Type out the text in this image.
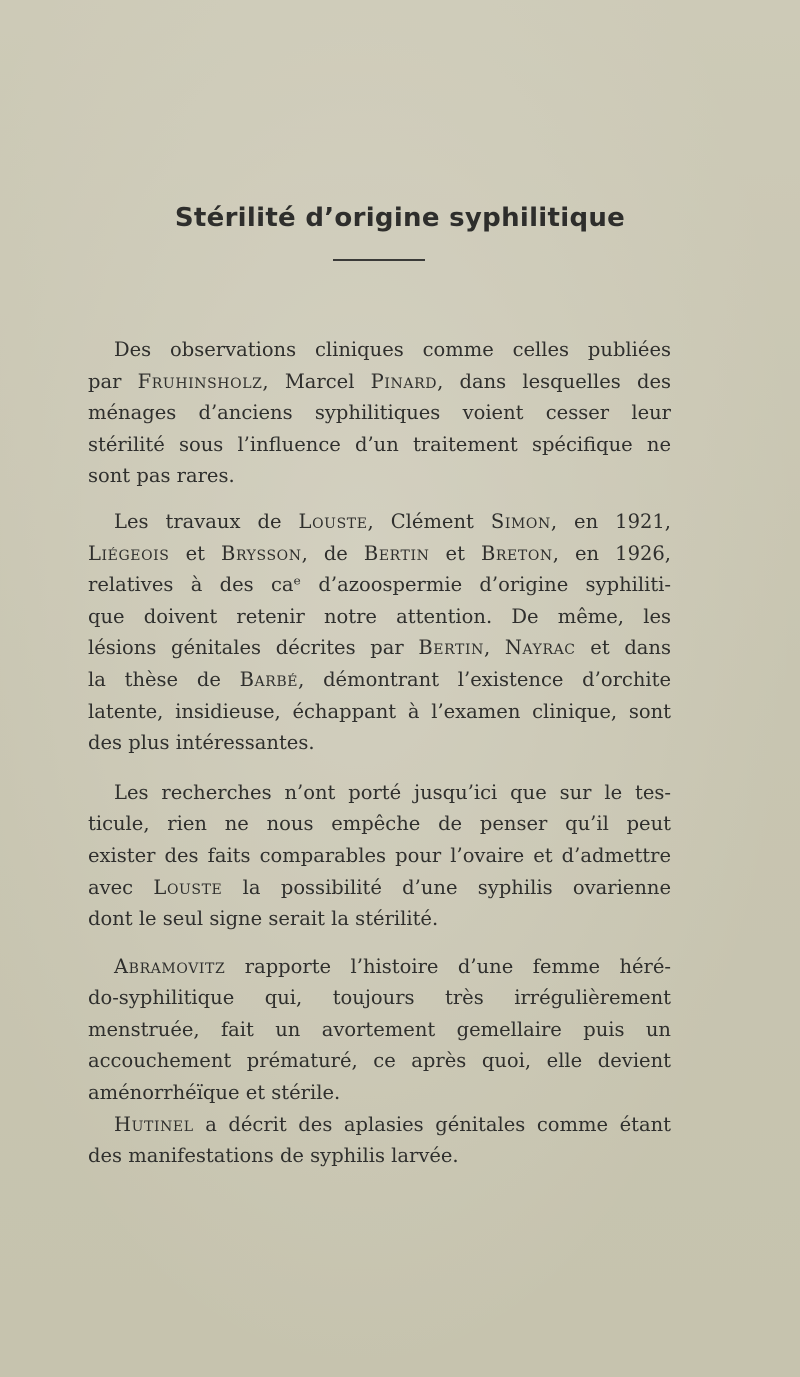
Stérilité d’origine syphilitique

Des observations cliniques comme celles publiées
par Fruhinsholz, Marcel Pinard, dans lesquelles des
ménages d’anciens syphilitiques voient cesser leur
stérilité sous l’influence d’un traitement spécifique ne
sont pas rares.

Les travaux de Louste, Clément Simon, en 1921,
Liégeois et Brysson, de Bertin et Breton, en 1926,
relatives à des caᵉ d’azoospermie d’origine syphiliti-
que doivent retenir notre attention. De même, les
lésions génitales décrites par Bertin, Nayrac et dans
la thèse de Barbé, démontrant l’existence d’orchite
latente, insidieuse, échappant à l’examen clinique, sont
des plus intéressantes.

Les recherches n’ont porté jusqu’ici que sur le tes-
ticule, rien ne nous empêche de penser qu’il peut
exister des faits comparables pour l’ovaire et d’admettre
avec Louste la possibilité d’une syphilis ovarienne
dont le seul signe serait la stérilité.

Abramovitz rapporte l’histoire d’une femme héré-
do-syphilitique qui, toujours très irrégulièrement
menstruée, fait un avortement gemellaire puis un
accouchement prématuré, ce après quoi, elle devient
aménorrhéïque et stérile.

Hutinel a décrit des aplasies génitales comme étant
des manifestations de syphilis larvée.
